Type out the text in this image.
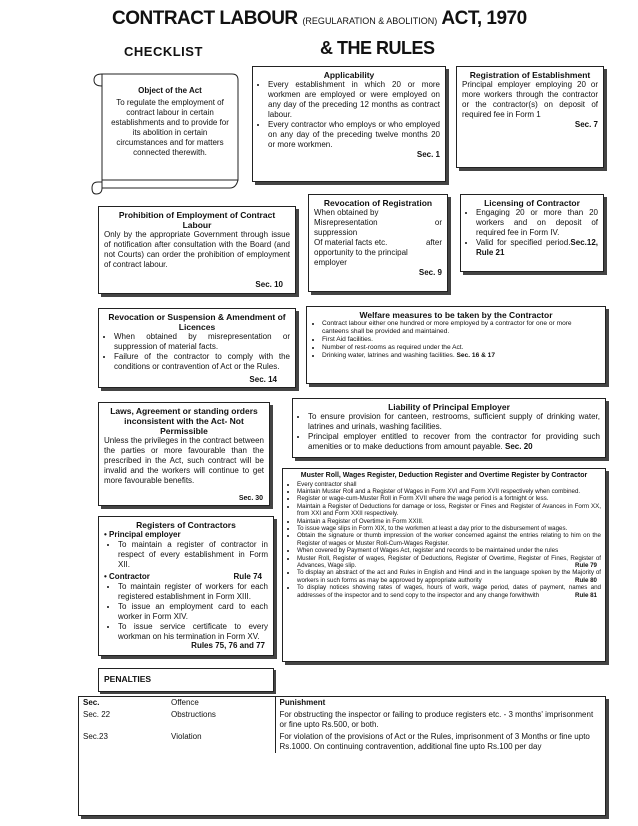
CONTRACT LABOUR (REGULARATION & ABOLITION) ACT, 1970
CHECKLIST	& THE RULES
Object of the Act
To regulate the employment of contract labour in certain establishments and to provide for its abolition in certain circumstances and for matters connected therewith.
Applicability
• Every establishment in which 20 or more workmen are employed or were employed on any day of the preceding 12 months as contract labour.
• Every contractor who employs or who employed on any day of the preceding twelve months 20 or more workmen.
Sec. 1
Registration of Establishment
Principal employer employing 20 or more workers through the contractor or the contractor(s) on deposit of required fee in Form 1
Sec. 7
Prohibition of Employment of Contract Labour
Only by the appropriate Government through issue of notification after consultation with the Board (and not Courts) can order the prohibition of employment of contract labour.
Sec. 10
Revocation of Registration
When obtained by
Misrepresentation	or
suppression
Of material facts etc.	after
opportunity to the principal employer
Sec. 9
Licensing of Contractor
• Engaging 20 or more than 20 workers and on deposit of required fee in Form IV.
• Valid for specified period.Sec.12, Rule 21
Revocation or Suspension & Amendment of Licences
• When obtained by misrepresentation or suppression of material facts.
• Failure of the contractor to comply with the conditions or contravention of Act or the Rules.
Sec. 14
Welfare measures to be taken by the Contractor
• Contract labour either one hundred or more employed by a contractor for one or more canteens shall be provided and maintained.
• First Aid facilities.
• Number of rest-rooms as required under the Act.
• Drinking water, latrines and washing facilities. Sec. 16 & 17
Laws, Agreement or standing orders inconsistent with the Act- Not Permissible
Unless the privileges in the contract between the parties or more favourable than the prescribed in the Act, such contract will be invalid and the workers will continue to get more favourable benefits.
Sec. 30
Liability of Principal Employer
• To ensure provision for canteen, restrooms, sufficient supply of drinking water, latrines and urinals, washing facilities.
• Principal employer entitled to recover from the contractor for providing such amenities or to make deductions from amount payable. Sec. 20
Registers of Contractors
• Principal employer
• To maintain a register of contractor in respect of every establishment in Form XII.
• Contractor	Rule 74
• To maintain register of workers for each registered establishment in Form XIII.
• To issue an employment card to each worker in Form XIV.
• To issue service certificate to every workman on his termination in Form XV.
Rules 75, 76 and 77
Muster Roll, Wages Register, Deduction Register and Overtime Register by Contractor
• Every contractor shall
• Maintain Muster Roll and a Register of Wages in Form XVI and Form XVII respectively when combined.
• Register or wage-cum-Muster Roll in Form XVII where the wage period is a fortnight or less.
• Maintain a Register of Deductions for damage or loss, Register or Fines and Register of Avances in Form XX, from XXI and Form XXII respectively.
• Maintain a Register of Overtime in Form XXIII.
• To issue wage slips in Form XIX, to the workmen at least a day prior to the disbursement of wages.
• Obtain the signature or thumb impression of the worker concerned against the entries relating to him on the Register of wages or Muster Roll-Cum-Wages Register.
• When covered by Payment of Wages Act, register and records to be maintained under the rules
• Muster Roll, Register of wages, Register of Deductions, Register of Overtime, Register of Fines, Register of Advances, Wage slip.	Rule 79
• To display an abstract of the act and Rules in English and Hindi and in the language spoken by the Majority of workers in such forms as may be approved by appropriate authority	Rule 80
• To display notices showing rates of wages, hours of work, wage period, dates of payment, names and addresses of the inspector and to send copy to the inspector and any change forwithwith	Rule 81
PENALTIES
Sec.	Offence	Punishment
Sec. 22	Obstructions	For obstructing the inspector or failing to produce registers etc. - 3 months' imprisonment or fine upto Rs.500, or both.
Sec.23	Violation	For violation of the provisions of Act or the Rules, imprisonment of 3 Months or fine upto Rs.1000. On continuing contravention, additional fine upto Rs.100 per day
